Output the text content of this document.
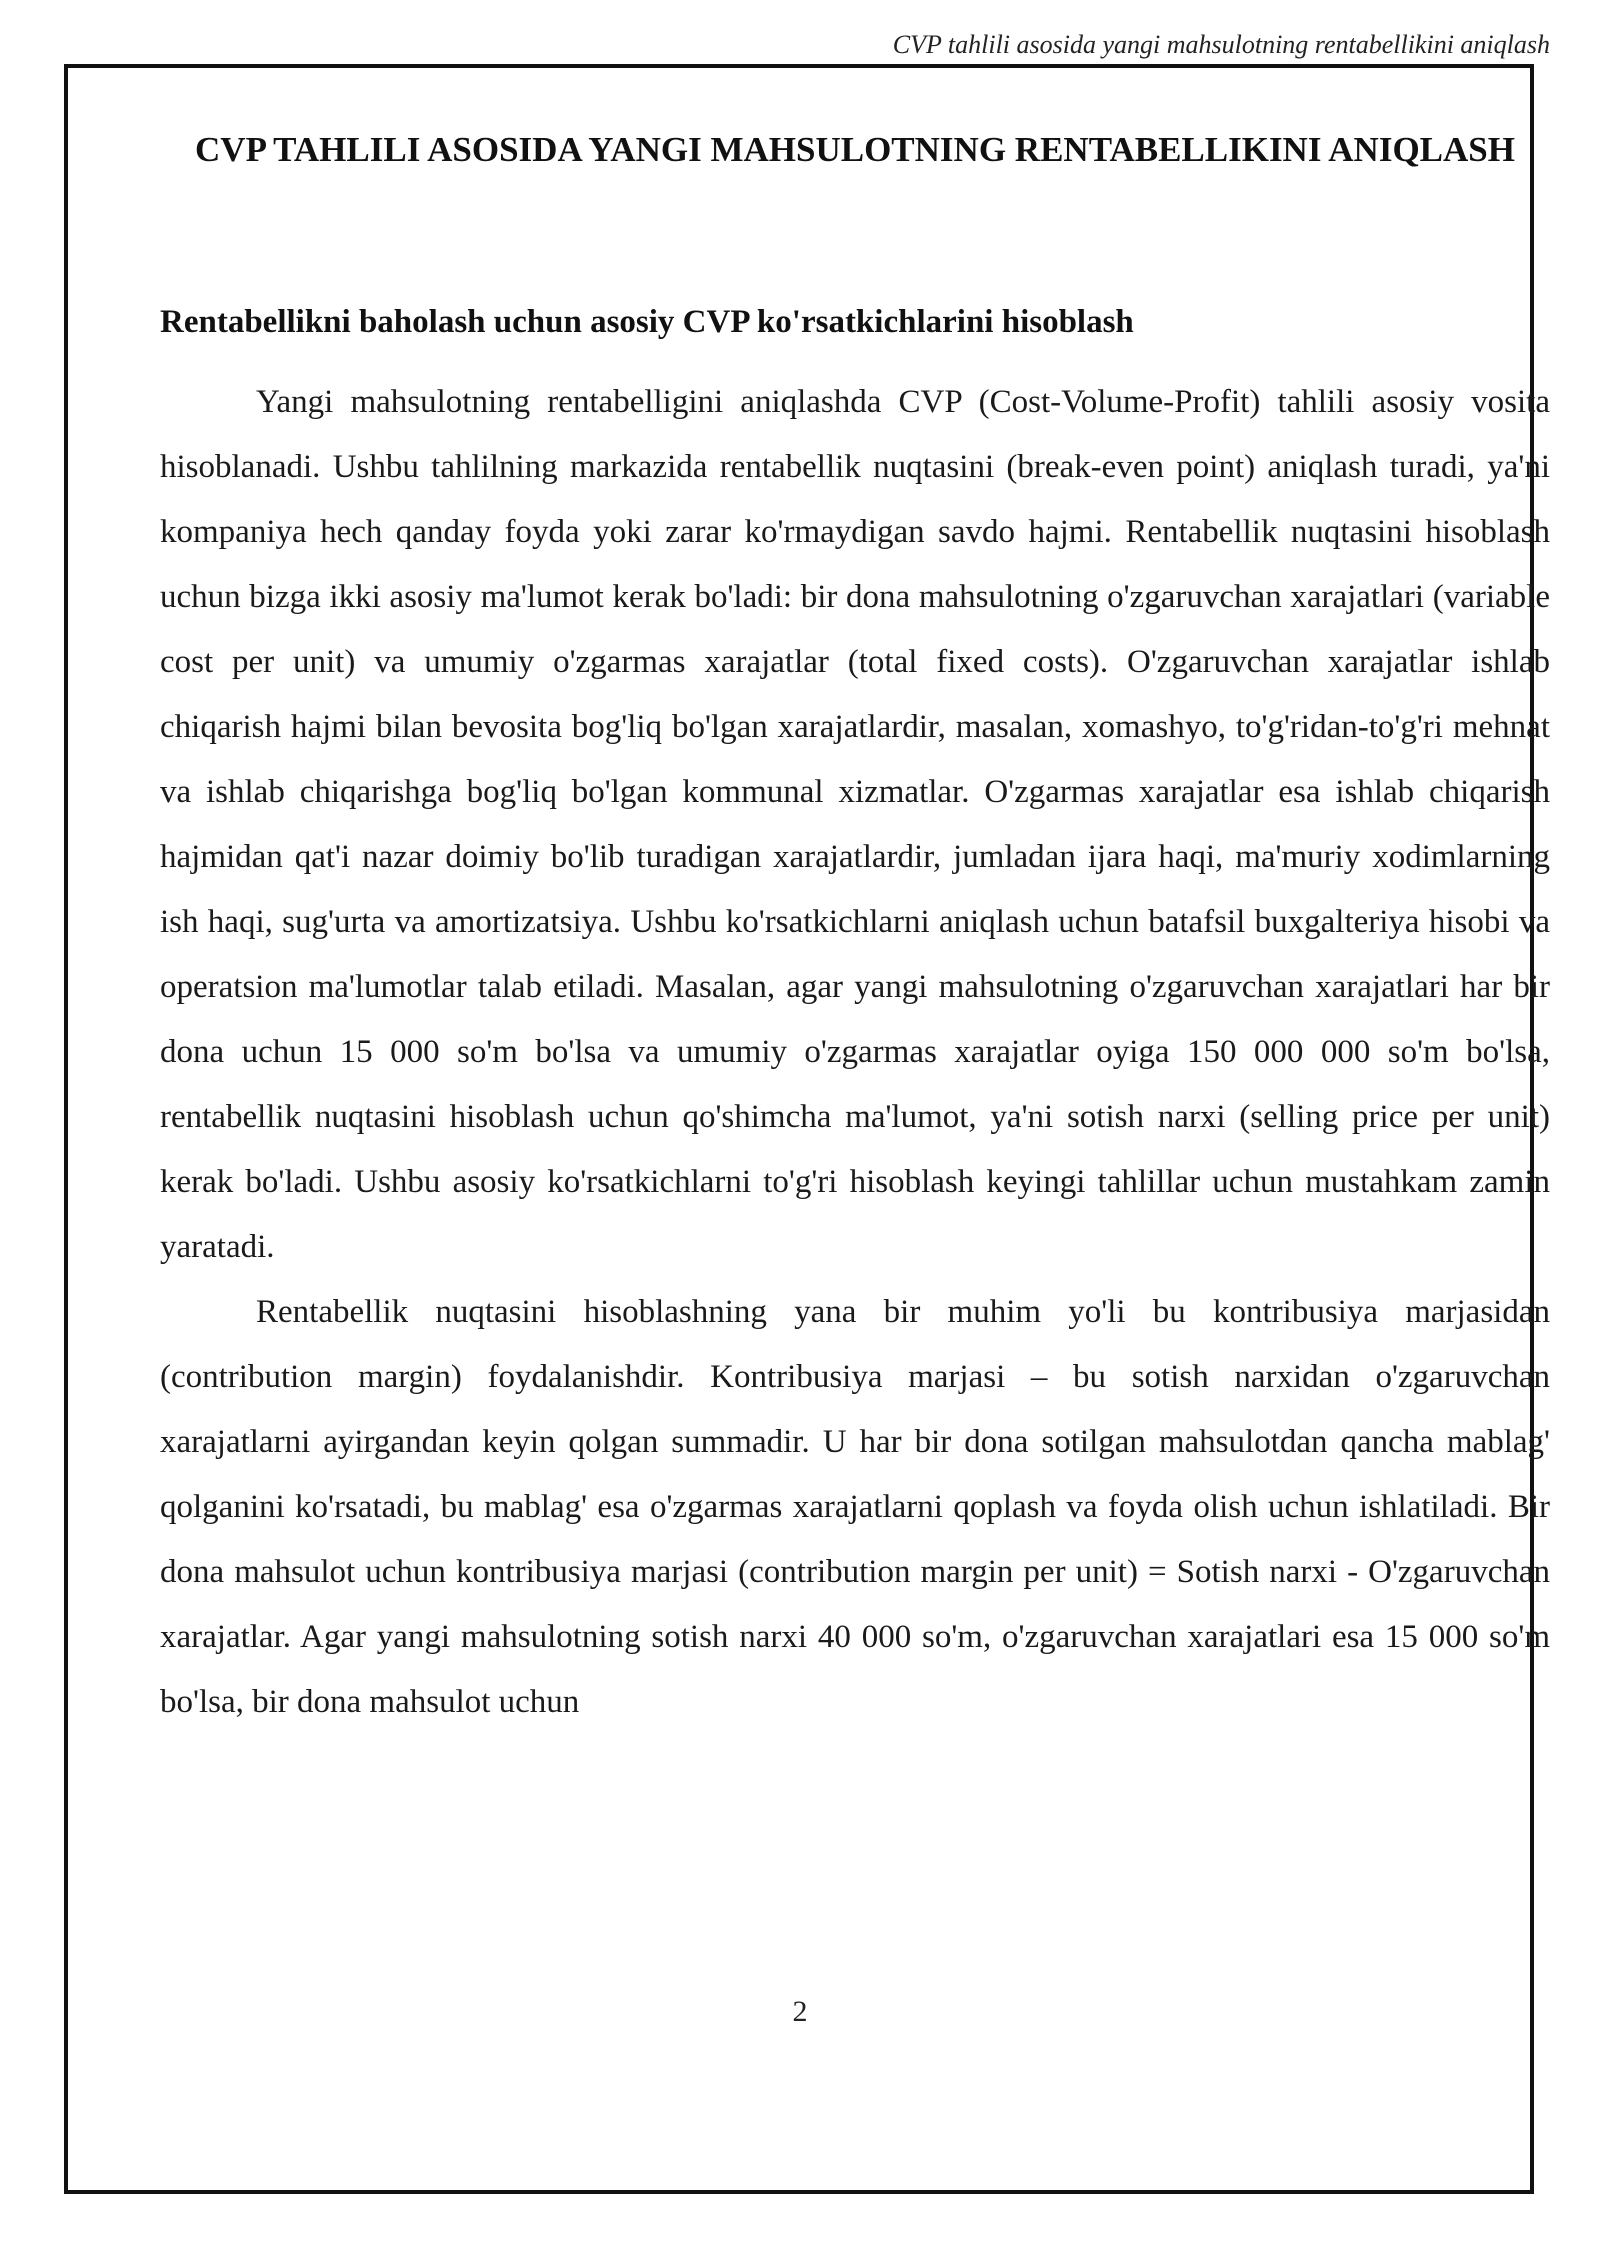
CVP tahlili asosida yangi mahsulotning rentabellikini aniqlash
CVP TAHLILI ASOSIDA YANGI MAHSULOTNING RENTABELLIKINI ANIQLASH
Rentabellikni baholash uchun asosiy CVP ko'rsatkichlarini hisoblash

Yangi mahsulotning rentabelligini aniqlashda CVP (Cost-Volume-Profit) tahlili asosiy vosita hisoblanadi. Ushbu tahlilning markazida rentabellik nuqtasini (break-even point) aniqlash turadi, ya'ni kompaniya hech qanday foyda yoki zarar ko'rmaydigan savdo hajmi. Rentabellik nuqtasini hisoblash uchun bizga ikki asosiy ma'lumot kerak bo'ladi: bir dona mahsulotning o'zgaruvchan xarajatlari (variable cost per unit) va umumiy o'zgarmas xarajatlar (total fixed costs). O'zgaruvchan xarajatlar ishlab chiqarish hajmi bilan bevosita bog'liq bo'lgan xarajatlardir, masalan, xomashyo, to'g'ridan-to'g'ri mehnat va ishlab chiqarishga bog'liq bo'lgan kommunal xizmatlar. O'zgarmas xarajatlar esa ishlab chiqarish hajmidan qat'i nazar doimiy bo'lib turadigan xarajatlardir, jumladan ijara haqi, ma'muriy xodimlarning ish haqi, sug'urta va amortizatsiya. Ushbu ko'rsatkichlarni aniqlash uchun batafsil buxgalteriya hisobi va operatsion ma'lumotlar talab etiladi. Masalan, agar yangi mahsulotning o'zgaruvchan xarajatlari har bir dona uchun 15 000 so'm bo'lsa va umumiy o'zgarmas xarajatlar oyiga 150 000 000 so'm bo'lsa, rentabellik nuqtasini hisoblash uchun qo'shimcha ma'lumot, ya'ni sotish narxi (selling price per unit) kerak bo'ladi. Ushbu asosiy ko'rsatkichlarni to'g'ri hisoblash keyingi tahlillar uchun mustahkam zamin yaratadi.

Rentabellik nuqtasini hisoblashning yana bir muhim yo'li bu kontribusiya marjasidan (contribution margin) foydalanishdir. Kontribusiya marjasi – bu sotish narxidan o'zgaruvchan xarajatlarni ayirgandan keyin qolgan summadir. U har bir dona sotilgan mahsulotdan qancha mablag' qolganini ko'rsatadi, bu mablag' esa o'zgarmas xarajatlarni qoplash va foyda olish uchun ishlatiladi. Bir dona mahsulot uchun kontribusiya marjasi (contribution margin per unit) = Sotish narxi - O'zgaruvchan xarajatlar. Agar yangi mahsulotning sotish narxi 40 000 so'm, o'zgaruvchan xarajatlari esa 15 000 so'm bo'lsa, bir dona mahsulot uchun

2
